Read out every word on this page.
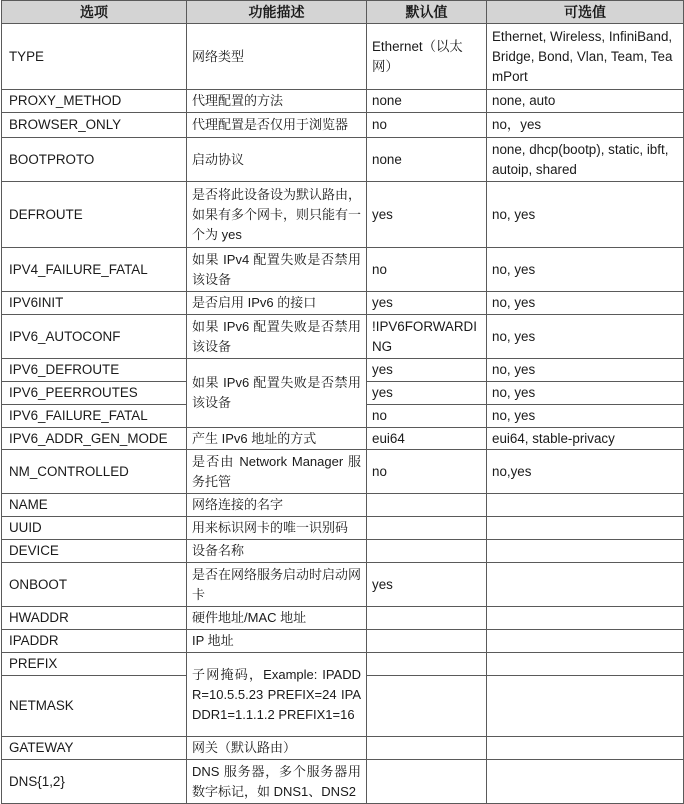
选项	功能描述	默认值	可选值
TYPE	网络类型	Ethernet（以太网）	Ethernet, Wireless, InfiniBand, Bridge, Bond, Vlan, Team, TeamPort
PROXY_METHOD	代理配置的方法	none	none, auto
BROWSER_ONLY	代理配置是否仅用于浏览器	no	no，yes
BOOTPROTO	启动协议	none	none, dhcp(bootp), static, ibft, autoip, shared
DEFROUTE	是否将此设备设为默认路由，如果有多个网卡，则只能有一个为 yes	yes	no, yes
IPV4_FAILURE_FATAL	如果 IPv4 配置失败是否禁用该设备	no	no, yes
IPV6INIT	是否启用 IPv6 的接口	yes	no, yes
IPV6_AUTOCONF	如果 IPv6 配置失败是否禁用该设备	!IPV6FORWARDING	no, yes
IPV6_DEFROUTE	如果 IPv6 配置失败是否禁用该设备	yes	no, yes
IPV6_PEERROUTES		yes	no, yes
IPV6_FAILURE_FATAL		no	no, yes
IPV6_ADDR_GEN_MODE	产生 IPv6 地址的方式	eui64	eui64, stable-privacy
NM_CONTROLLED	是否由 Network Manager 服务托管	no	no,yes
NAME	网络连接的名字		
UUID	用来标识网卡的唯一识别码		
DEVICE	设备名称		
ONBOOT	是否在网络服务启动时启动网卡	yes	
HWADDR	硬件地址/MAC 地址		
IPADDR	IP 地址		
PREFIX	子网掩码，Example: IPADDR=10.5.5.23 PREFIX=24 IPADDR1=1.1.1.2 PREFIX1=16		
NETMASK			
GATEWAY	网关（默认路由）		
DNS{1,2}	DNS 服务器，多个服务器用数字标记，如 DNS1、DNS2		
